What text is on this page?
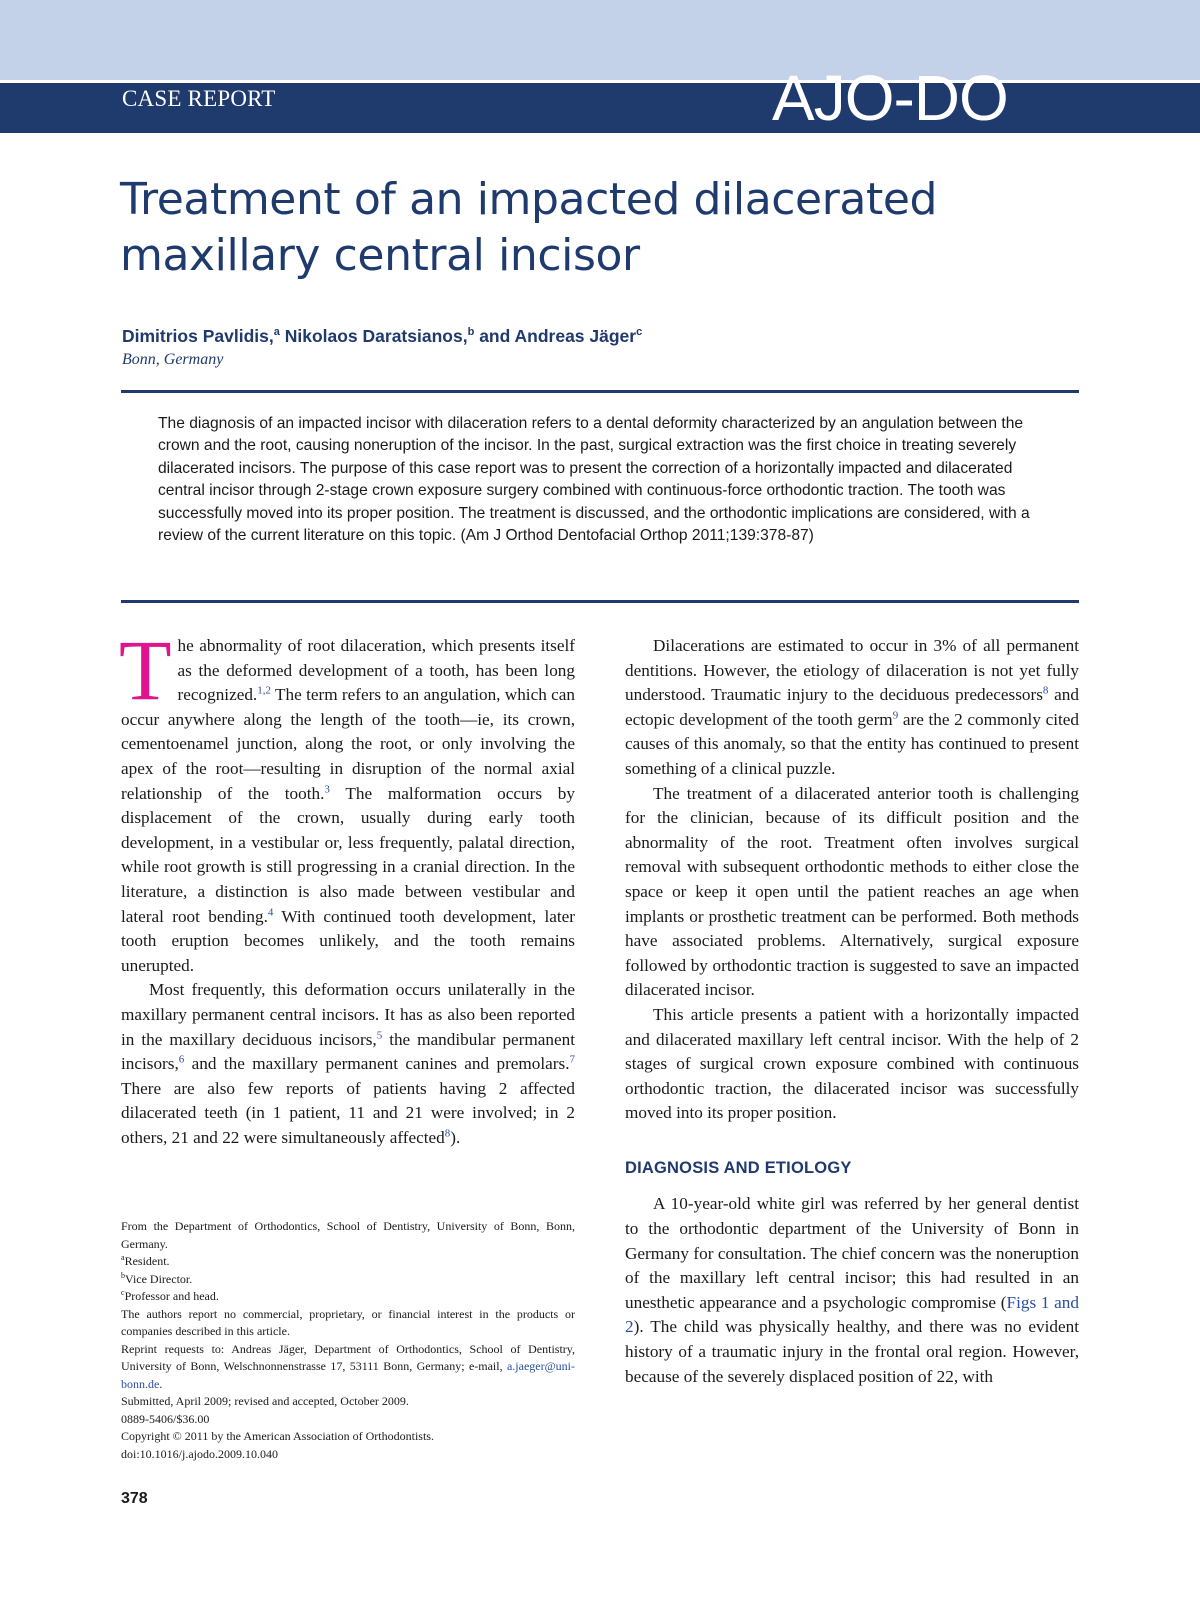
CASE REPORT	AJO-DO
Treatment of an impacted dilacerated maxillary central incisor
Dimitrios Pavlidis,$^a$ Nikolaos Daratsianos,$^b$ and Andreas Jäger$^c$
Bonn, Germany
The diagnosis of an impacted incisor with dilaceration refers to a dental deformity characterized by an angulation between the crown and the root, causing noneruption of the incisor. In the past, surgical extraction was the first choice in treating severely dilacerated incisors. The purpose of this case report was to present the correction of a horizontally impacted and dilacerated central incisor through 2-stage crown exposure surgery combined with continuous-force orthodontic traction. The tooth was successfully moved into its proper position. The treatment is discussed, and the orthodontic implications are considered, with a review of the current literature on this topic. (Am J Orthod Dentofacial Orthop 2011;139:378-87)

The abnormality of root dilaceration, which presents itself as the deformed development of a tooth, has been long recognized.$^{1,2}$ The term refers to an angulation, which can occur anywhere along the length of the tooth—ie, its crown, cementoenamel junction, along the root, or only involving the apex of the root—resulting in disruption of the normal axial relationship of the tooth.$^3$ The malformation occurs by displacement of the crown, usually during early tooth development, in a vestibular or, less frequently, palatal direction, while root growth is still progressing in a cranial direction. In the literature, a distinction is also made between vestibular and lateral root bending.$^4$ With continued tooth development, later tooth eruption becomes unlikely, and the tooth remains unerupted.

Most frequently, this deformation occurs unilaterally in the maxillary permanent central incisors. It has as also been reported in the maxillary deciduous incisors,$^5$ the mandibular permanent incisors,$^6$ and the maxillary permanent canines and premolars.$^7$ There are also few reports of patients having 2 affected dilacerated teeth (in 1 patient, 11 and 21 were involved; in 2 others, 21 and 22 were simultaneously affected$^8$).

Dilacerations are estimated to occur in 3% of all permanent dentitions. However, the etiology of dilaceration is not yet fully understood. Traumatic injury to the deciduous predecessors$^8$ and ectopic development of the tooth germ$^9$ are the 2 commonly cited causes of this anomaly, so that the entity has continued to present something of a clinical puzzle.

The treatment of a dilacerated anterior tooth is challenging for the clinician, because of its difficult position and the abnormality of the root. Treatment often involves surgical removal with subsequent orthodontic methods to either close the space or keep it open until the patient reaches an age when implants or prosthetic treatment can be performed. Both methods have associated problems. Alternatively, surgical exposure followed by orthodontic traction is suggested to save an impacted dilacerated incisor.

This article presents a patient with a horizontally impacted and dilacerated maxillary left central incisor. With the help of 2 stages of surgical crown exposure combined with continuous orthodontic traction, the dilacerated incisor was successfully moved into its proper position.

DIAGNOSIS AND ETIOLOGY

A 10-year-old white girl was referred by her general dentist to the orthodontic department of the University of Bonn in Germany for consultation. The chief concern was the noneruption of the maxillary left central incisor; this had resulted in an unesthetic appearance and a psychologic compromise (Figs 1 and 2). The child was physically healthy, and there was no evident history of a traumatic injury in the frontal oral region. However, because of the severely displaced position of 22, with

From the Department of Orthodontics, School of Dentistry, University of Bonn, Bonn, Germany.
$^a$Resident.
$^b$Vice Director.
$^c$Professor and head.
The authors report no commercial, proprietary, or financial interest in the products or companies described in this article.
Reprint requests to: Andreas Jäger, Department of Orthodontics, School of Dentistry, University of Bonn, Welschnonnenstrasse 17, 53111 Bonn, Germany; e-mail, a.jaeger@uni-bonn.de.
Submitted, April 2009; revised and accepted, October 2009.
0889-5406/$36.00
Copyright © 2011 by the American Association of Orthodontists.
doi:10.1016/j.ajodo.2009.10.040
378
